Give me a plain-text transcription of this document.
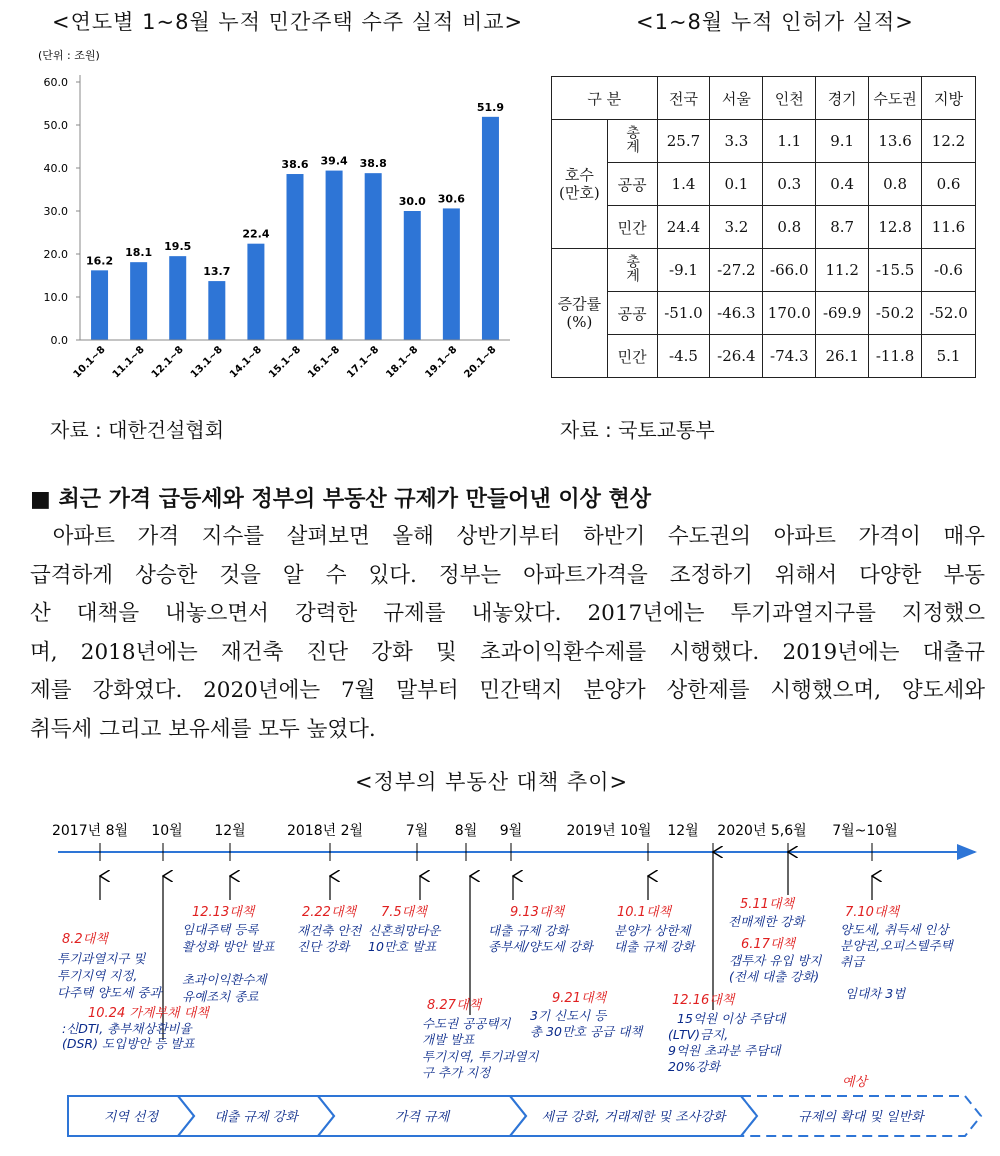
<연도별 1~8월 누적 민간주택 수주 실적 비교>
(단위 : 조원)
0.0
10.0
20.0
30.0
40.0
50.0
60.0
16.2
18.1 19.5
13.7
22.4
38.6 39.4 38.8
30.0 30.6
51.9
10.1~8 11.1~8 12.1~8 13.1~8 14.1~8 15.1~8 16.1~8 17.1~8 18.1~8 19.1~8 20.1~8
자료 : 대한건설협회
<1~8월 누적 인허가 실적>
구 분		전국	서울	인천	경기	수도권	지방
호수
(만호)	총계	25.7	3.3	1.1	9.1	13.6	12.2
	공공	1.4	0.1	0.3	0.4	0.8	0.6
	민간	24.4	3.2	0.8	8.7	12.8	11.6
증감률
(%)	총계	-9.1	-27.2	-66.0	11.2	-15.5	-0.6
	공공	-51.0	-46.3	170.0	-69.9	-50.2	-52.0
	민간	-4.5	-26.4	-74.3	26.1	-11.8	5.1
자료 : 국토교통부
■ 최근 가격 급등세와 정부의 부동산 규제가 만들어낸 이상 현상
아파트 가격 지수를 살펴보면 올해 상반기부터 하반기 수도권의 아파트 가격이 매우
급격하게 상승한 것을 알 수 있다. 정부는 아파트가격을 조정하기 위해서 다양한 부동
산 대책을 내놓으면서 강력한 규제를 내놓았다. 2017년에는 투기과열지구를 지정했으
며, 2018년에는 재건축 진단 강화 및 초과이익환수제를 시행했다. 2019년에는 대출규
제를 강화였다. 2020년에는 7월 말부터 민간택지 분양가 상한제를 시행했으며, 양도세와
취득세 그리고 보유세를 모두 높였다.
<정부의 부동산 대책 추이>
2017년 8월 10월 12월	2018년 2월	7월 8월 9월	2019년 10월 12월 2020년 5,6월 7월~10월
8.2대책
투기과열지구 및
투기지역 지정,
다주택 양도세 중과
10.24 가계부채 대책
:신DTI, 총부채상환비율
(DSR) 도입방안 등 발표
12.13대책
임대주택 등록
활성화 방안 발표
초과이익환수제
유예조치 종료
2.22대책
재건축 안전
진단 강화
7.5대책
신혼희망타운
10만호 발표
8.27대책
수도권 공공택지
개발 발표
투기지역, 투기과열지
구 추가 지정
9.13대책
대출 규제 강화
종부세/양도세 강화
9.21대책
3기 신도시 등
총 30만호 공급 대책
10.1대책
분양가 상한제
대출 규제 강화
12.16대책
15억원 이상 주담대
(LTV)금지,
9억원 초과분 주담대
20%강화
5.11대책
전매제한 강화
6.17대책
갭투자 유입 방지
(전세 대출 강화)
7.10대책
양도세, 취득세 인상
분양권,오피스텔주택
취급
임대차 3법
예상
지역 선정	대출 규제 강화	가격 규제	세금 강화, 거래제한 및 조사강화	규제의 확대 및 일반화
